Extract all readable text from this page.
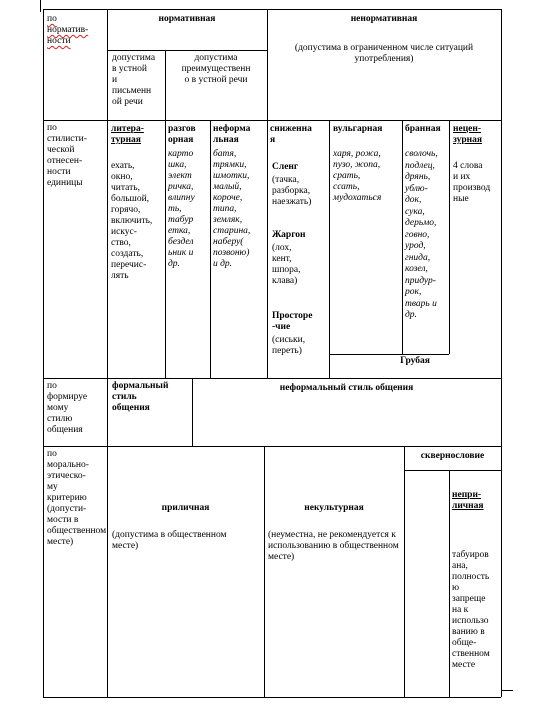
по
норматив-
ности
по
стилисти-
ческой
отнесен-
ности
единицы
по
формируе
мому
стилю
общения
по
морально-
этическо-
му
критерию
(допусти-
мости в
общественном
месте)
нормативная
допустима
в устной
и
письменн
ой речи
допустима
преимущественн
о в устной речи
ненормативная
(допустима в ограниченном числе ситуаций
употребления)
литера-
турная
ехать,
окно,
читать,
большой,
горячо,
включить,
искус-
ство,
создать,
перечис-
лять
разгов
орная
карто
шка,
элект
ричка,
влипну
ть,
табур
етка,
бездел
ьник и
др.
неформа
льная
батя,
трямки,
шмотки,
малый,
короче,
типа,
земляк,
старина,
наберу(
позвоню)
и др.
сниженна
я
Сленг
(тачка,
разборка,
наезжать)
Жаргон
(лох,
кент,
шпора,
клава)
Просторе
-чие
(сиськи,
переть)
вульгарная
харя, рожа,
пузо, жопа,
срать,
ссать,
мудохаться
бранная
сволочь,
подлец,
дрянь,
ублю-
док,
сука,
дерьмо,
говно,
урод,
гнида,
козел,
придур-
рок,
тварь и
др.
нецен-
зурная
4 слова
и их
производ
ные
Грубая
формальный
стиль
общения
неформальный стиль общения
сквернословие
приличная
(допустима в общественном
месте)
некультурная
(неуместна, не рекомендуется к
использованию в общественном
месте)
непри-
личная
табуиров
ана,
полность
ю
запреще
на к
использо
ванию в
обще-
ственном
месте
